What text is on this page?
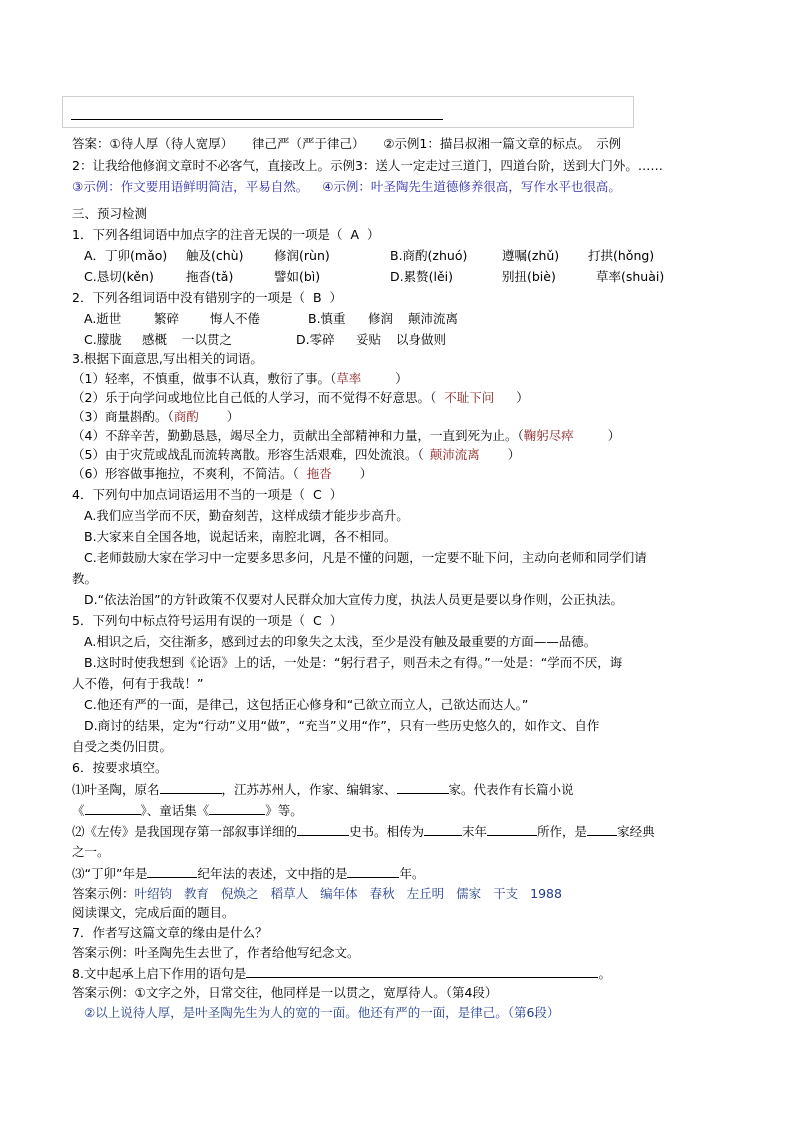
答案：①待人厚（待人宽厚）　　律己严（严于律己）　　②示例1：描吕叔湘一篇文章的标点。　示例
2：让我给他修润文章时不必客气，直接改上。示例3：送人一定走过三道门，四道台阶，送到大门外。……
③示例：作文要用语鲜明简洁，平易自然。 ④示例：叶圣陶先生道德修养很高，写作水平也很高。
三、预习检测
1．下列各组词语中加点字的注音无误的一项是（ A ）
A．丁卯(mǎo) 触及(chù) 修润(rùn)	B.商酌(zhuó)	遵嘱(zhǔ) 打拱(hǒng)
C.恳切(kěn)	拖沓(tǎ)	譬如(bì)	D.累赘(lěi)	别扭(biè)	草率(shuài)
2．下列各组词语中没有错别字的一项是（ B ）
A.逝世	繁碎 悔人不倦	B.慎重 修润 颠沛流离
C.朦胧 感概 一以贯之	D.零碎 妥贴 以身做则
3.根据下面意思,写出相关的词语。
（1）轻率，不慎重，做事不认真，敷衍了事。（草率	）
（2）乐于向学问或地位比自己低的人学习，而不觉得不好意思。（ 不耻下问 ）
（3）商量斟酌。（商酌 ）
（4）不辞辛苦，勤勤恳恳，竭尽全力，贡献出全部精神和力量，一直到死为止。（鞠躬尽瘁	）
（5）由于灾荒或战乱而流转离散。形容生活艰难，四处流浪。（ 颠沛流离 ）
（6）形容做事拖拉，不爽利，不简洁。（ 拖沓 ）
4．下列句中加点词语运用不当的一项是（ C ）
A.我们应当学而不厌，勤奋刻苦，这样成绩才能步步高升。
B.大家来自全国各地，说起话来，南腔北调，各不相同。
C.老师鼓励大家在学习中一定要多思多问，凡是不懂的问题，一定要不耻下问，主动向老师和同学们请
教。
D.“依法治国”的方针政策不仅要对人民群众加大宣传力度，执法人员更是要以身作则，公正执法。
5．下列句中标点符号运用有误的一项是（ C ）
A.相识之后，交往渐多，感到过去的印象失之太浅，至少是没有触及最重要的方面——品德。
B.这时时使我想到《论语》上的话，一处是：“躬行君子，则吾未之有得。”一处是：“学而不厌，诲
人不倦，何有于我哉！”
C.他还有严的一面，是律己，这包括正心修身和“己欲立而立人，己欲达而达人。”
D.商讨的结果，定为“行动”义用“做”，“充当”义用“作”，只有一些历史悠久的，如作文、自作
自受之类仍旧贯。
6．按要求填空。
⑴叶圣陶，原名	，江苏苏州人，作家、编辑家、	家。代表作有长篇小说
《	》、童话集《	》等。
⑵《左传》是我国现存第一部叙事详细的	史书。相传为	末年	所作，是 家经典
之一。
⑶“丁卯”年是	纪年法的表述，文中指的是	年。
答案示例：叶绍钧 教育 倪焕之 稻草人 编年体 春秋 左丘明 儒家 干支 1988
阅读课文，完成后面的题目。
7．作者写这篇文章的缘由是什么？
答案示例：叶圣陶先生去世了，作者给他写纪念文。
8.文中起承上启下作用的语句是	。
答案示例：①文字之外，日常交往，他同样是一以贯之，宽厚待人。（第4段）
②以上说待人厚，是叶圣陶先生为人的宽的一面。他还有严的一面，是律己。（第6段）
